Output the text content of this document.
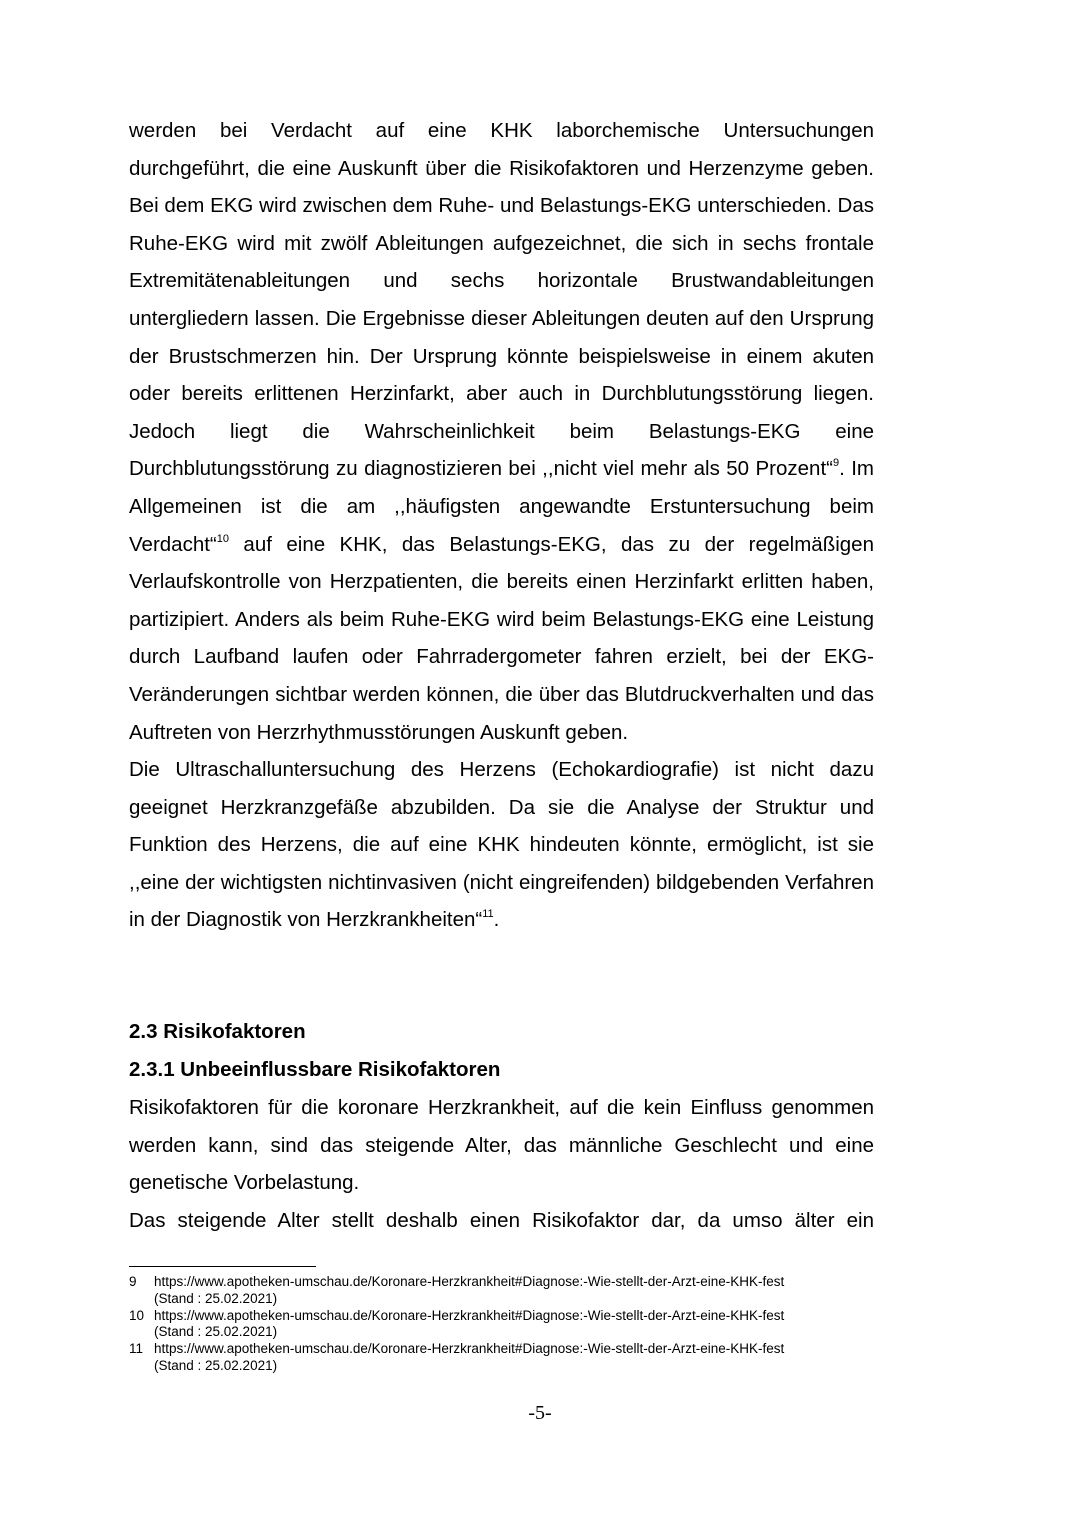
werden bei Verdacht auf eine KHK laborchemische Untersuchungen durchgeführt, die eine Auskunft über die Risikofaktoren und Herzenzyme geben. Bei dem EKG wird zwischen dem Ruhe- und Belastungs-EKG unterschieden. Das Ruhe-EKG wird mit zwölf Ableitungen aufgezeichnet, die sich in sechs frontale Extremitätenableitungen und sechs horizontale Brustwandableitungen untergliedern lassen. Die Ergebnisse dieser Ableitungen deuten auf den Ursprung der Brustschmerzen hin. Der Ursprung könnte beispielsweise in einem akuten oder bereits erlittenen Herzinfarkt, aber auch in Durchblutungsstörung liegen. Jedoch liegt die Wahrscheinlichkeit beim Belastungs-EKG eine Durchblutungsstörung zu diagnostizieren bei ,,nicht viel mehr als 50 Prozent“$^9$. Im Allgemeinen ist die am ,,häufigsten angewandte Erstuntersuchung beim Verdacht“$^{10}$ auf eine KHK, das Belastungs-EKG, das zu der regelmäßigen Verlaufskontrolle von Herzpatienten, die bereits einen Herzinfarkt erlitten haben, partizipiert. Anders als beim Ruhe-EKG wird beim Belastungs-EKG eine Leistung durch Laufband laufen oder Fahrradergometer fahren erzielt, bei der EKG-Veränderungen sichtbar werden können, die über das Blutdruckverhalten und das Auftreten von Herzrhythmusstörungen Auskunft geben.

Die Ultraschalluntersuchung des Herzens (Echokardiografie) ist nicht dazu geeignet Herzkranzgefäße abzubilden. Da sie die Analyse der Struktur und Funktion des Herzens, die auf eine KHK hindeuten könnte, ermöglicht, ist sie ,,eine der wichtigsten nichtinvasiven (nicht eingreifenden) bildgebenden Verfahren in der Diagnostik von Herzkrankheiten“$^{11}$.

2.3 Risikofaktoren
2.3.1 Unbeeinflussbare Risikofaktoren

Risikofaktoren für die koronare Herzkrankheit, auf die kein Einfluss genommen werden kann, sind das steigende Alter, das männliche Geschlecht und eine genetische Vorbelastung.

Das steigende Alter stellt deshalb einen Risikofaktor dar, da umso älter ein

9	https://www.apotheken-umschau.de/Koronare-Herzkrankheit#Diagnose:-Wie-stellt-der-Arzt-eine-KHK-fest
(Stand : 25.02.2021)
10 https://www.apotheken-umschau.de/Koronare-Herzkrankheit#Diagnose:-Wie-stellt-der-Arzt-eine-KHK-fest
(Stand : 25.02.2021)
11 https://www.apotheken-umschau.de/Koronare-Herzkrankheit#Diagnose:-Wie-stellt-der-Arzt-eine-KHK-fest
(Stand : 25.02.2021)
-5-
